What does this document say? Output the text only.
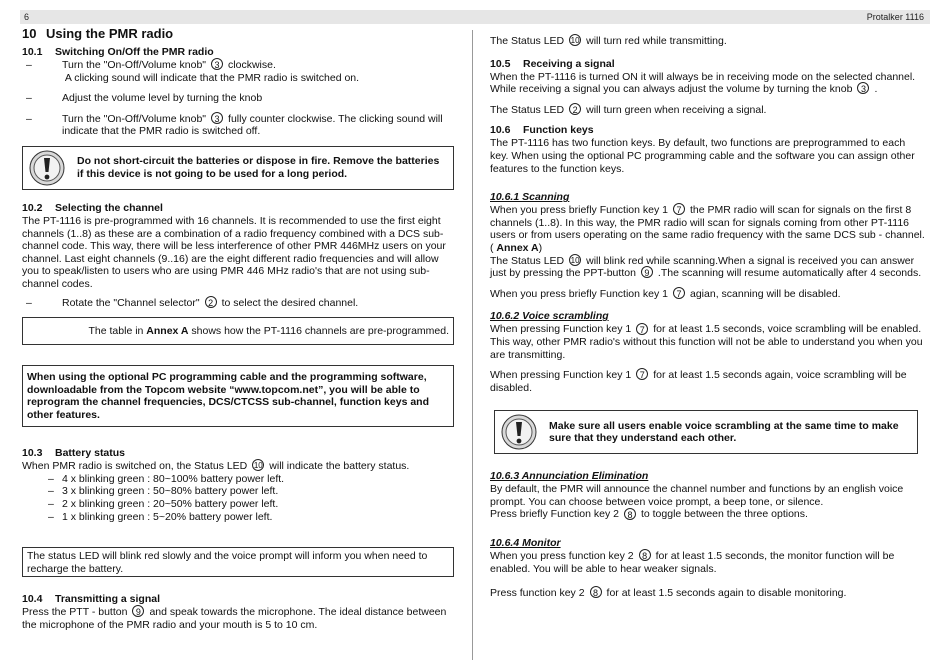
6	Protalker 1116
10 Using the PMR radio
10.1 Switching On/Off the PMR radio
–	Turn the "On-Off/Volume knob" 3 clockwise.
A clicking sound will indicate that the PMR radio is switched on.
–	Adjust the volume level by turning the knob
–	Turn the "On-Off/Volume knob" 3 fully counter clockwise. The clicking sound will
indicate that the PMR radio is switched off.

Do not short-circuit the batteries or dispose in fire. Remove the batteries if this device is not going to be used for a long period.

10.2 Selecting the channel

The PT-1116 is pre-programmed with 16 channels. It is recommended to use the first eight channels (1..8) as these are a combination of a radio frequency combined with a DCS sub-channel code. This way, there will be less interference of other PMR 446MHz users on your channel. Last eight channels (9..16) are the eight different radio frequencies and will allow you to speak/listen to users who are using PMR 446 MHz radio's that are not using sub-channel codes.

–	Rotate the "Channel selector" 2 to select the desired channel.

The table in Annex A shows how the PT-1116 channels are pre-programmed.

When using the optional PC programming cable and the programming software, downloadable from the Topcom website “www.topcom.net”, you will be able to reprogram the channel frequencies, DCS/CTCSS sub-channel, function keys and other features.

10.3 Battery status

When PMR radio is switched on, the Status LED 10 will indicate the battery status.

– 4 x blinking green : 80~100% battery power left.
– 3 x blinking green : 50~80% battery power left.
– 2 x blinking green : 20~50% battery power left.
– 1 x blinking green : 5~20% battery power left.

The status LED will blink red slowly and the voice prompt will inform you when need to recharge the battery.

10.4 Transmitting a signal

Press the PTT - button 9 and speak towards the microphone. The ideal distance between the microphone of the PMR radio and your mouth is 5 to 10 cm.

The Status LED 10 will turn red while transmitting.

10.5 Receiving a signal

When the PT-1116 is turned ON it will always be in receiving mode on the selected channel.

While receiving a signal you can always adjust the volume by turning the knob 3 .

The Status LED 2 will turn green when receiving a signal.

10.6 Function keys

The PT-1116 has two function keys. By default, two functions are preprogrammed to each key. When using the optional PC programming cable and the software you can assign other features to the function keys.

10.6.1 Scanning

When you press briefly Function key 1 7 the PMR radio will scan for signals on the first 8 channels (1..8). In this way, the PMR radio will scan for signals coming from other PT-1116 users or from users operating on the same radio frequency with the same DCS sub - channel. ( Annex A)

The Status LED 10 will blink red while scanning.When a signal is received you can answer just by pressing the PPT-button 9 .The scanning will resume automatically after 4 seconds.

When you press briefly Function key 1 7 agian, scanning will be disabled.

10.6.2 Voice scrambling

When pressing Function key 1 7 for at least 1.5 seconds, voice scrambling will be enabled. This way, other PMR radio's without this function will not be able to understand you when you are transmitting.

When pressing Function key 1 7 for at least 1.5 seconds again, voice scrambling will be disabled.

Make sure all users enable voice scrambling at the same time to make sure that they understand each other.

10.6.3 Annunciation Elimination

By default, the PMR will announce the channel number and functions by an english voice prompt. You can choose between voice prompt, a beep tone, or silence.

Press briefly Function key 2 8 to toggle between the three options.

10.6.4 Monitor

When you press function key 2 8 for at least 1.5 seconds, the monitor function will be enabled. You will be able to hear weaker signals.

Press function key 2 8 for at least 1.5 seconds again to disable monitoring.
